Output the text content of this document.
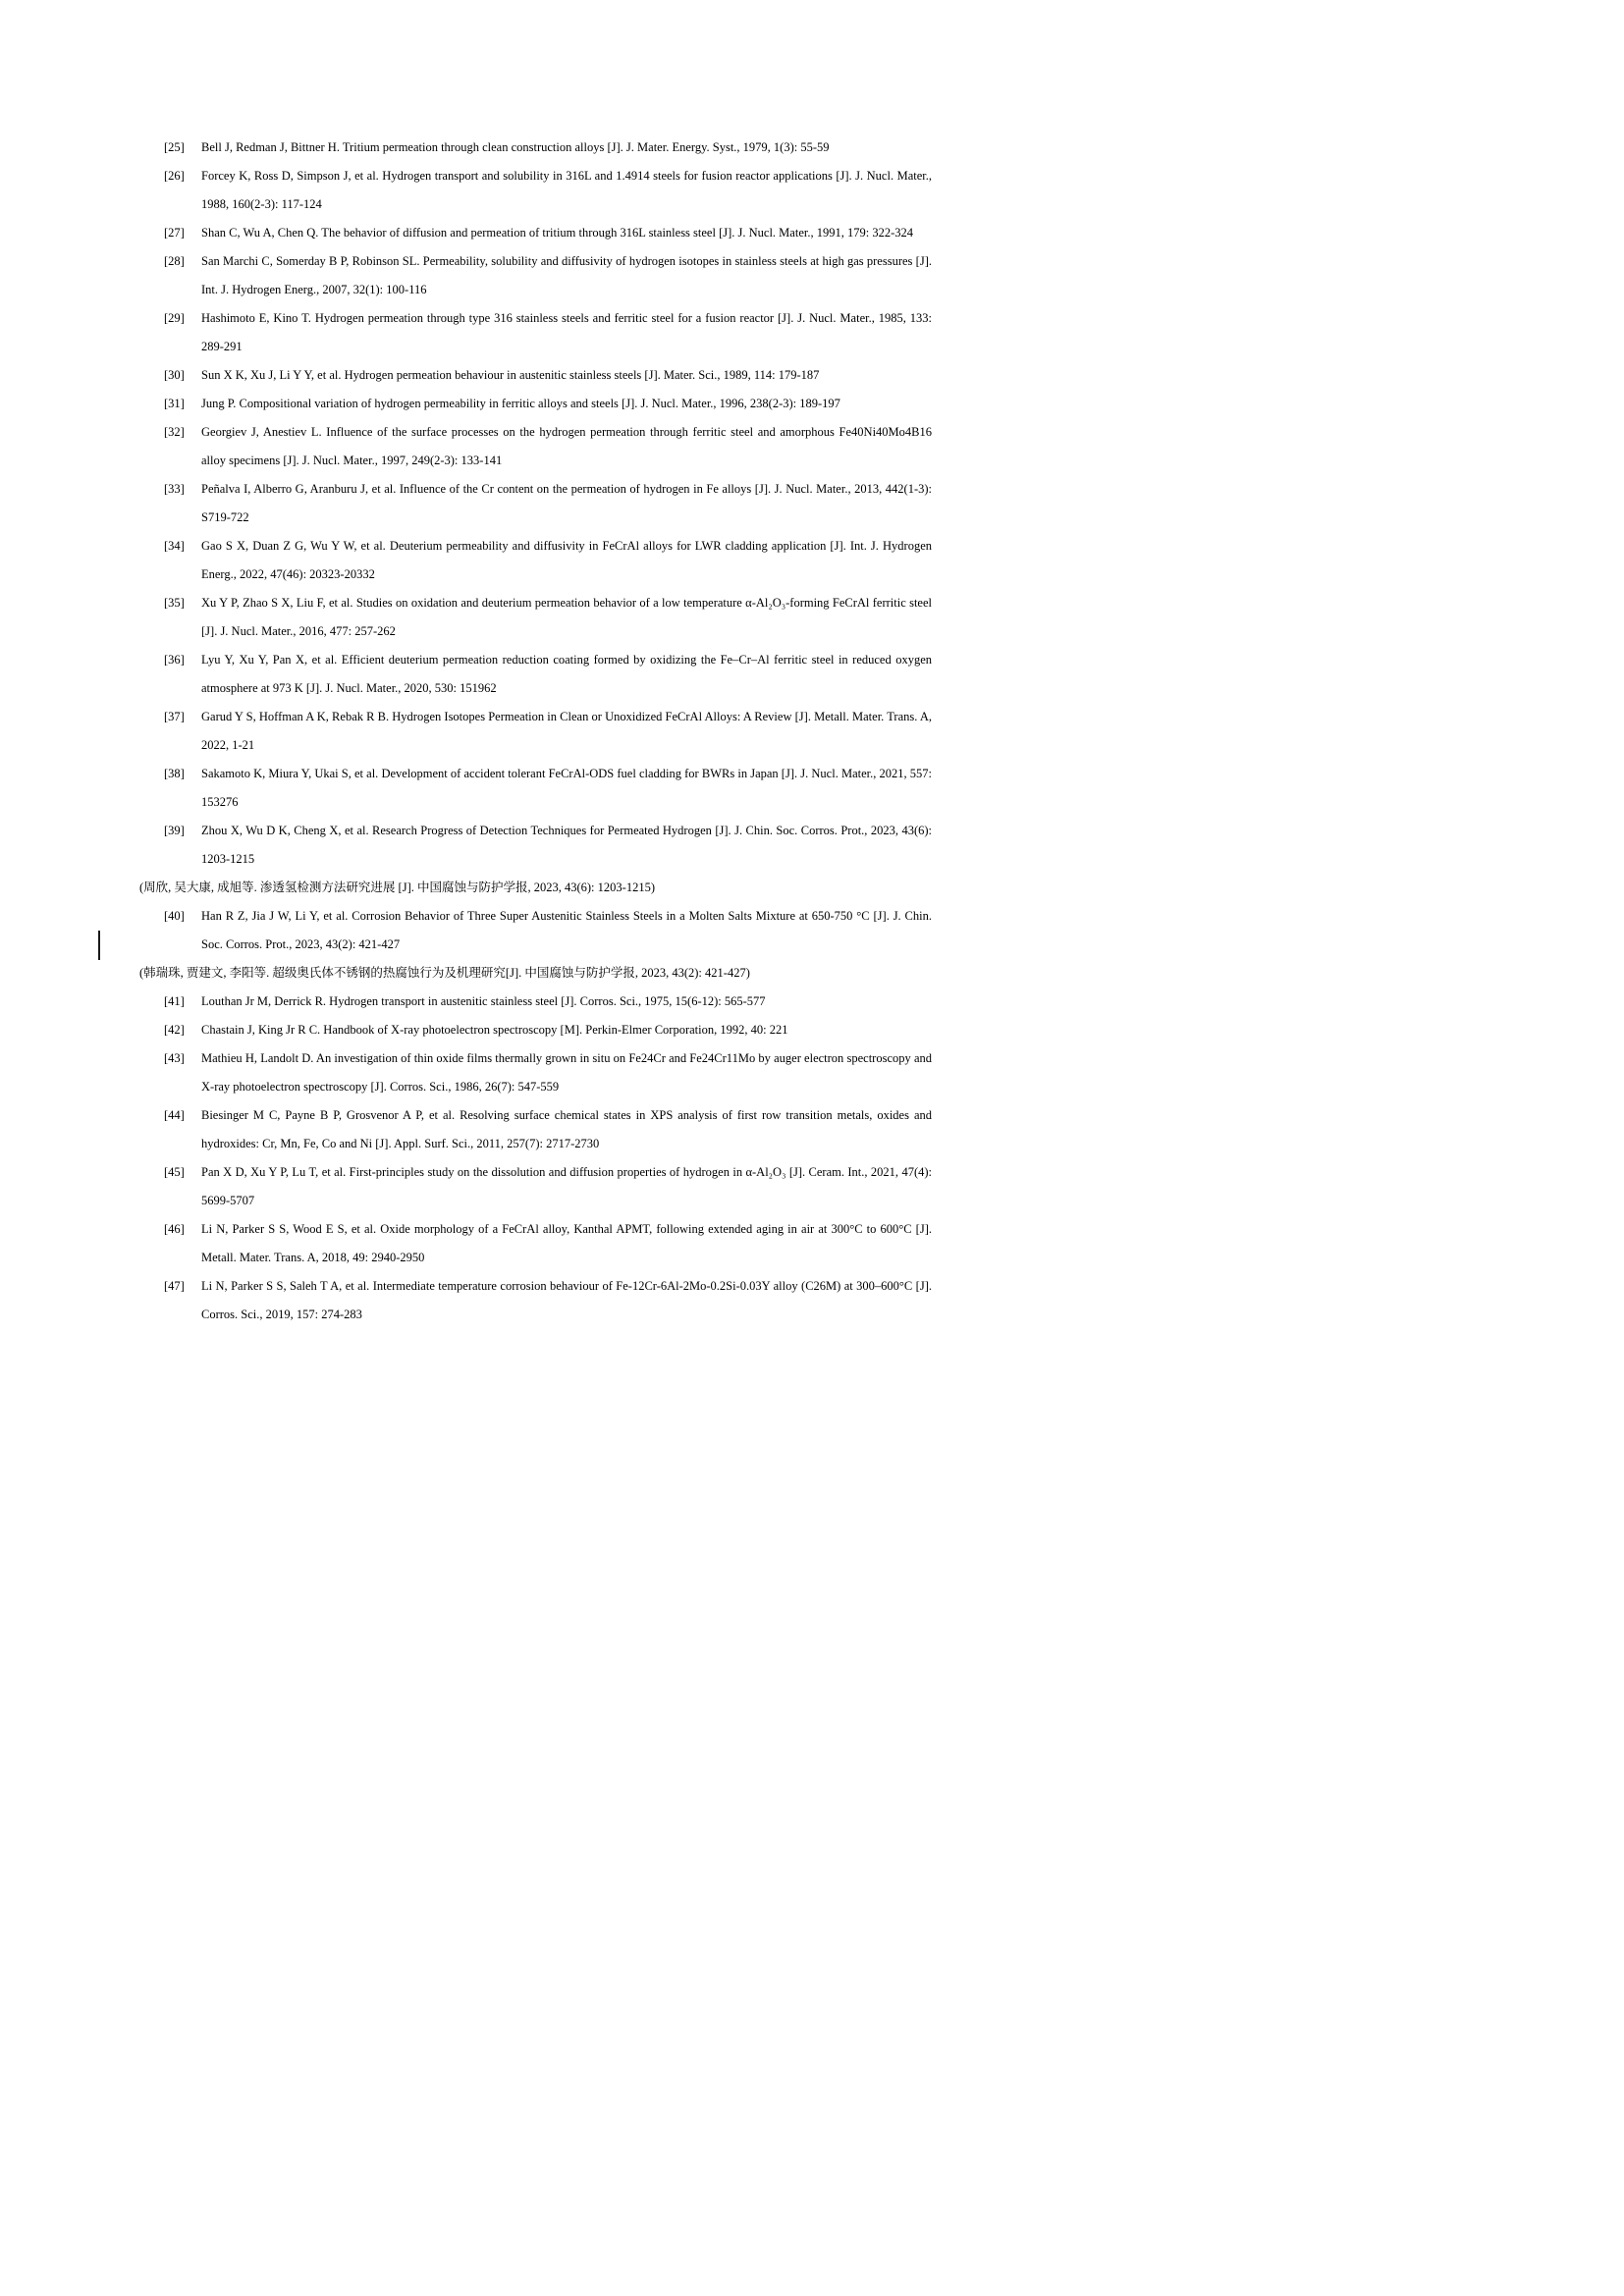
[25] Bell J, Redman J, Bittner H. Tritium permeation through clean construction alloys [J]. J. Mater. Energy. Syst., 1979, 1(3): 55-59

[26] Forcey K, Ross D, Simpson J, et al. Hydrogen transport and solubility in 316L and 1.4914 steels for fusion reactor applications [J]. J. Nucl. Mater., 1988, 160(2-3): 117-124

[27] Shan C, Wu A, Chen Q. The behavior of diffusion and permeation of tritium through 316L stainless steel [J]. J. Nucl. Mater., 1991, 179: 322-324

[28] San Marchi C, Somerday B P, Robinson SL. Permeability, solubility and diffusivity of hydrogen isotopes in stainless steels at high gas pressures [J]. Int. J. Hydrogen Energ., 2007, 32(1): 100-116

[29] Hashimoto E, Kino T. Hydrogen permeation through type 316 stainless steels and ferritic steel for a fusion reactor [J]. J. Nucl. Mater., 1985, 133: 289-291

[30] Sun X K, Xu J, Li Y Y, et al. Hydrogen permeation behaviour in austenitic stainless steels [J]. Mater. Sci., 1989, 114: 179-187

[31] Jung P. Compositional variation of hydrogen permeability in ferritic alloys and steels [J]. J. Nucl. Mater., 1996, 238(2-3): 189-197

[32] Georgiev J, Anestiev L. Influence of the surface processes on the hydrogen permeation through ferritic steel and amorphous Fe40Ni40Mo4B16 alloy specimens [J]. J. Nucl. Mater., 1997, 249(2-3): 133-141

[33] Peñalva I, Alberro G, Aranburu J, et al. Influence of the Cr content on the permeation of hydrogen in Fe alloys [J]. J. Nucl. Mater., 2013, 442(1-3): S719-722

[34] Gao S X, Duan Z G, Wu Y W, et al. Deuterium permeability and diffusivity in FeCrAl alloys for LWR cladding application [J]. Int. J. Hydrogen Energ., 2022, 47(46): 20323-20332

[35] Xu Y P, Zhao S X, Liu F, et al. Studies on oxidation and deuterium permeation behavior of a low temperature α-Al₂O₃-forming FeCrAl ferritic steel [J]. J. Nucl. Mater., 2016, 477: 257-262

[36] Lyu Y, Xu Y, Pan X, et al. Efficient deuterium permeation reduction coating formed by oxidizing the Fe–Cr–Al ferritic steel in reduced oxygen atmosphere at 973 K [J]. J. Nucl. Mater., 2020, 530: 151962

[37] Garud Y S, Hoffman A K, Rebak R B. Hydrogen Isotopes Permeation in Clean or Unoxidized FeCrAl Alloys: A Review [J]. Metall. Mater. Trans. A, 2022, 1-21

[38] Sakamoto K, Miura Y, Ukai S, et al. Development of accident tolerant FeCrAl-ODS fuel cladding for BWRs in Japan [J]. J. Nucl. Mater., 2021, 557: 153276

[39] Zhou X, Wu D K, Cheng X, et al. Research Progress of Detection Techniques for Permeated Hydrogen [J]. J. Chin. Soc. Corros. Prot., 2023, 43(6): 1203-1215

(周欣, 吴大康, 成旭等. 渗透氢检测方法研究进展 [J]. 中国腐蚀与防护学报, 2023, 43(6): 1203-1215)

[40] Han R Z, Jia J W, Li Y, et al. Corrosion Behavior of Three Super Austenitic Stainless Steels in a Molten Salts Mixture at 650-750 °C [J]. J. Chin. Soc. Corros. Prot., 2023, 43(2): 421-427

(韩瑞珠, 贾建文, 李阳等. 超级奥氏体不锈钢的热腐蚀行为及机理研究[J]. 中国腐蚀与防护学报, 2023, 43(2): 421-427)

[41] Louthan Jr M, Derrick R. Hydrogen transport in austenitic stainless steel [J]. Corros. Sci., 1975, 15(6-12): 565-577

[42] Chastain J, King Jr R C. Handbook of X-ray photoelectron spectroscopy [M]. Perkin-Elmer Corporation, 1992, 40: 221

[43] Mathieu H, Landolt D. An investigation of thin oxide films thermally grown in situ on Fe24Cr and Fe24Cr11Mo by auger electron spectroscopy and X-ray photoelectron spectroscopy [J]. Corros. Sci., 1986, 26(7): 547-559

[44] Biesinger M C, Payne B P, Grosvenor A P, et al. Resolving surface chemical states in XPS analysis of first row transition metals, oxides and hydroxides: Cr, Mn, Fe, Co and Ni [J]. Appl. Surf. Sci., 2011, 257(7): 2717-2730

[45] Pan X D, Xu Y P, Lu T, et al. First-principles study on the dissolution and diffusion properties of hydrogen in α-Al₂O₃ [J]. Ceram. Int., 2021, 47(4): 5699-5707

[46] Li N, Parker S S, Wood E S, et al. Oxide morphology of a FeCrAl alloy, Kanthal APMT, following extended aging in air at 300°C to 600°C [J]. Metall. Mater. Trans. A, 2018, 49: 2940-2950

[47] Li N, Parker S S, Saleh T A, et al. Intermediate temperature corrosion behaviour of Fe-12Cr-6Al-2Mo-0.2Si-0.03Y alloy (C26M) at 300–600°C [J]. Corros. Sci., 2019, 157: 274-283
